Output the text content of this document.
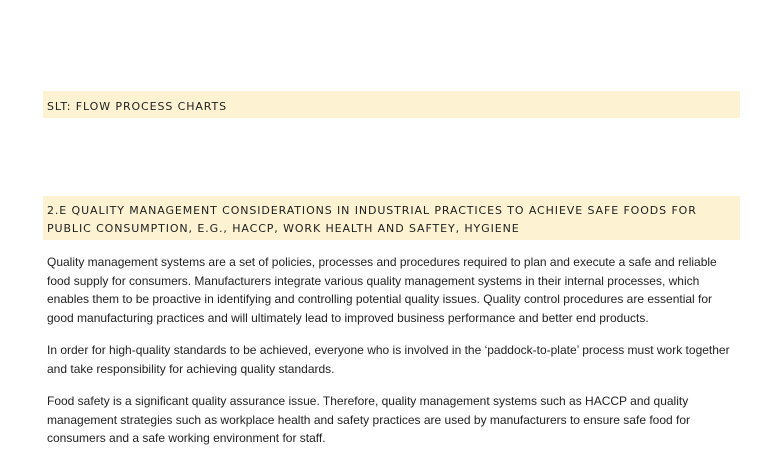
SLT: FLOW PROCESS CHARTS
2.E QUALITY MANAGEMENT CONSIDERATIONS IN INDUSTRIAL PRACTICES TO ACHIEVE SAFE FOODS FOR PUBLIC CONSUMPTION, E.G., HACCP, WORK HEALTH AND SAFTEY, HYGIENE

Quality management systems are a set of policies, processes and procedures required to plan and execute a safe and reliable food supply for consumers. Manufacturers integrate various quality management systems in their internal processes, which enables them to be proactive in identifying and controlling potential quality issues. Quality control procedures are essential for good manufacturing practices and will ultimately lead to improved business performance and better end products.

In order for high-quality standards to be achieved, everyone who is involved in the ‘paddock-to-plate’ process must work together and take responsibility for achieving quality standards.

Food safety is a significant quality assurance issue. Therefore, quality management systems such as HACCP and quality management strategies such as workplace health and safety practices are used by manufacturers to ensure safe food for consumers and a safe working environment for staff.
